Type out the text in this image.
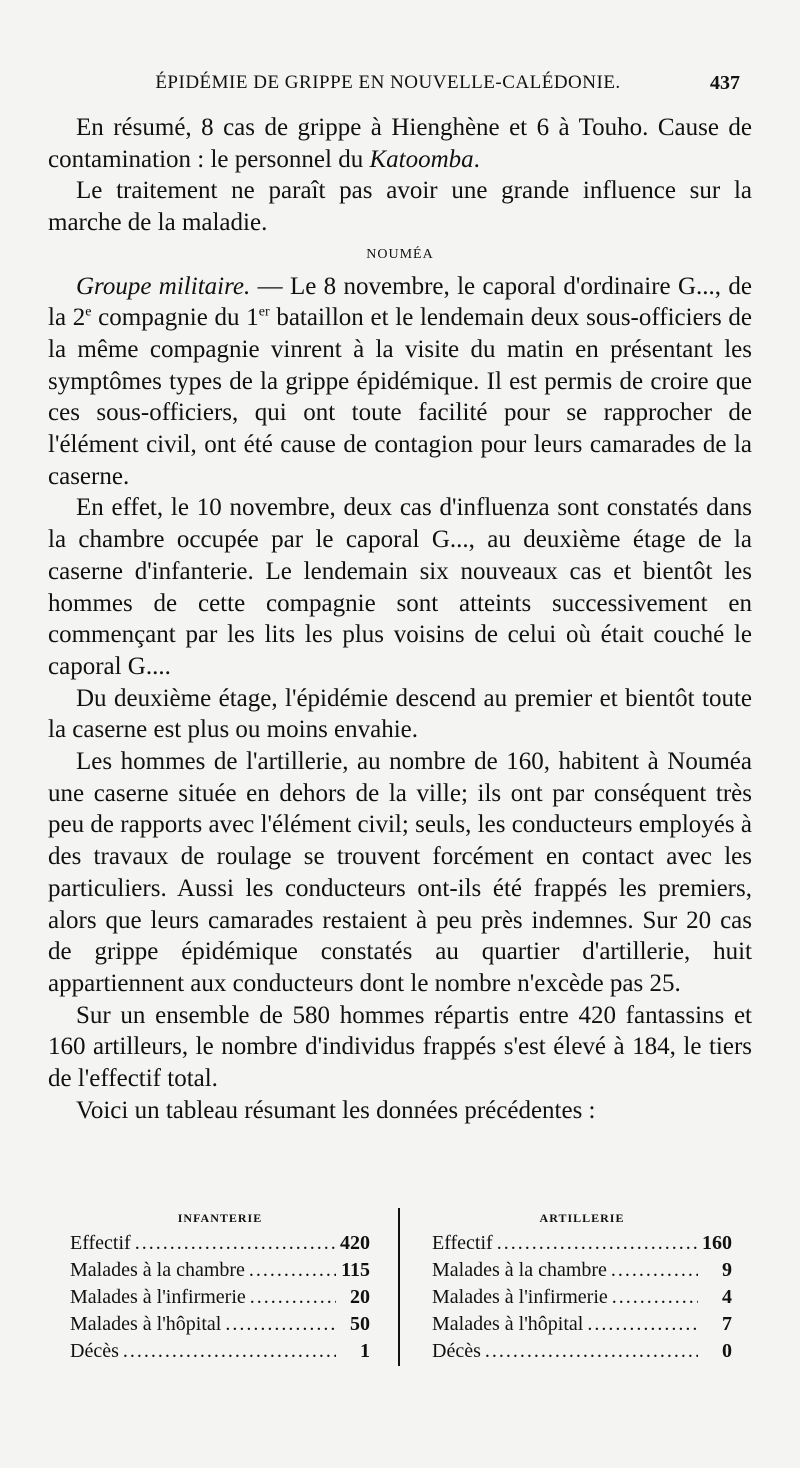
ÉPIDÉMIE DE GRIPPE EN NOUVELLE-CALÉDONIE.	437

En résumé, 8 cas de grippe à Hienghène et 6 à Touho. Cause de contamination : le personnel du Katoomba.

Le traitement ne paraît pas avoir une grande influence sur la marche de la maladie.

NOUMÉA

Groupe militaire. — Le 8 novembre, le caporal d'ordinaire G..., de la 2e compagnie du 1er bataillon et le lendemain deux sous-officiers de la même compagnie vinrent à la visite du matin en présentant les symptômes types de la grippe épidémique. Il est permis de croire que ces sous-officiers, qui ont toute facilité pour se rapprocher de l'élément civil, ont été cause de contagion pour leurs camarades de la caserne.

En effet, le 10 novembre, deux cas d'influenza sont constatés dans la chambre occupée par le caporal G..., au deuxième étage de la caserne d'infanterie. Le lendemain six nouveaux cas et bientôt les hommes de cette compagnie sont atteints successivement en commençant par les lits les plus voisins de celui où était couché le caporal G....

Du deuxième étage, l'épidémie descend au premier et bientôt toute la caserne est plus ou moins envahie.

Les hommes de l'artillerie, au nombre de 160, habitent à Nouméa une caserne située en dehors de la ville; ils ont par conséquent très peu de rapports avec l'élément civil; seuls, les conducteurs employés à des travaux de roulage se trouvent forcément en contact avec les particuliers. Aussi les conducteurs ont-ils été frappés les premiers, alors que leurs camarades restaient à peu près indemnes. Sur 20 cas de grippe épidémique constatés au quartier d'artillerie, huit appartiennent aux conducteurs dont le nombre n'excède pas 25.

Sur un ensemble de 580 hommes répartis entre 420 fantassins et 160 artilleurs, le nombre d'individus frappés s'est élevé à 184, le tiers de l'effectif total.

Voici un tableau résumant les données précédentes :

INFANTERIE
Effectif .....	420
Malades à la chambre .....	115
Malades à l'infirmerie .....	20
Malades à l'hôpital .....	50
Décès .....	1
ARTILLERIE
Effectif .....	160
Malades à la chambre .....	9
Malades à l'infirmerie .....	4
Malades à l'hôpital .....	7
Décès .....	0
